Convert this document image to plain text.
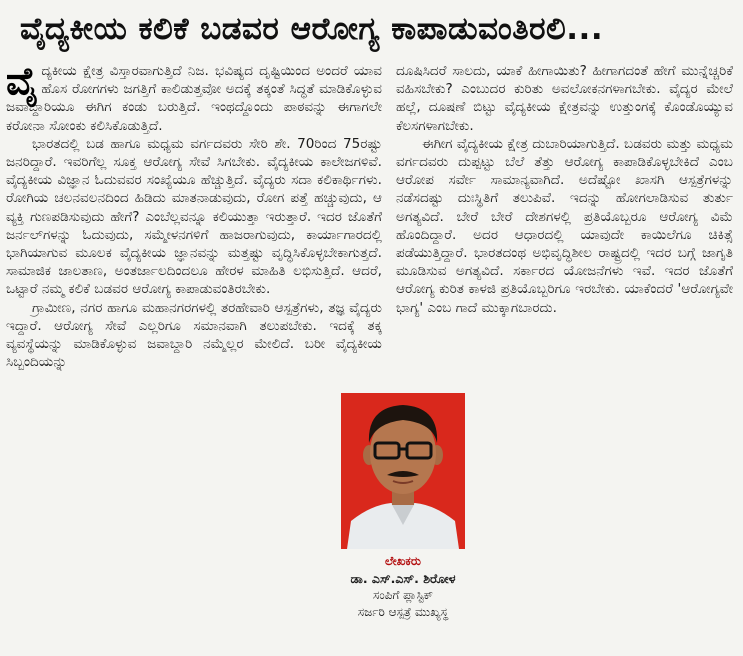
ವೈದ್ಯಕೀಯ ಕಲಿಕೆ ಬಡವರ ಆರೋಗ್ಯ ಕಾಪಾಡುವಂತಿರಲಿ...

ವೈದ್ಯಕೀಯ ಕ್ಷೇತ್ರ ವಿಸ್ತಾರವಾಗುತ್ತಿದೆ ನಿಜ. ಭವಿಷ್ಯದ ದೃಷ್ಟಿಯಿಂದ ಅಂದರೆ ಯಾವ ಹೊಸ ರೋಗಗಳು ಜಗತ್ತಿಗೆ ಕಾಲಿಡುತ್ತವೋ ಅದಕ್ಕೆ ತಕ್ಕಂತೆ ಸಿದ್ಧತೆ ಮಾಡಿಕೊಳ್ಳುವ ಜವಾಬ್ದಾರಿಯೂ ಈಗಿಗ ಕಂಡು ಬರುತ್ತಿದೆ. ಇಂಥದ್ದೊಂದು ಪಾಠವನ್ನು ಈಗಾಗಲೇ ಕರೋನಾ ಸೋಂಕು ಕಲಿಸಿಕೊಡುತ್ತಿದೆ.

ಭಾರತದಲ್ಲಿ ಬಡ ಹಾಗೂ ಮಧ್ಯಮ ವರ್ಗದವರು ಸೇರಿ ಶೇ. 70ರಿಂದ 75ರಷ್ಟು ಜನರಿದ್ದಾರೆ. ಇವರಿಗೆಲ್ಲ ಸೂಕ್ತ ಆರೋಗ್ಯ ಸೇವೆ ಸಿಗಬೇಕು. ವೈದ್ಯಕೀಯ ಕಾಲೇಜಗಳಿವೆ. ವೈದ್ಯಕೀಯ ವಿಜ್ಞಾನ ಓದುವವರ ಸಂಖ್ಯೆಯೂ ಹೆಚ್ಚುತ್ತಿದೆ. ವೈದ್ಯರು ಸದಾ ಕಲಿಕಾರ್ಥಿಗಳು. ರೋಗಿಯ ಚಲನವಲನದಿಂದ ಹಿಡಿದು ಮಾತನಾಡುವುದು, ರೋಗ ಪತ್ತೆ ಹಚ್ಚುವುದು, ಆ ವ್ಯಕ್ತಿ ಗುಣಪಡಿಸುವುದು ಹೇಗೆ? ಎಂಬೆಲ್ಲವನ್ನೂ ಕಲಿಯುತ್ತಾ ಇರುತ್ತಾರೆ. ಇದರ ಜೊತೆಗೆ ಜರ್ನಲ್‌ಗಳನ್ನು ಓದುವುದು, ಸಮ್ಮೇಳನಗಳಿಗೆ ಹಾಜರಾಗುವುದು, ಕಾರ್ಯಾಗಾರದಲ್ಲಿ ಭಾಗಿಯಾಗುವ ಮೂಲಕ ವೈದ್ಯಕೀಯ ಜ್ಞಾನವನ್ನು ಮತ್ತಷ್ಟು ವೃದ್ಧಿಸಿಕೊಳ್ಳಬೇಕಾಗುತ್ತದೆ. ಸಾಮಾಜಿಕ ಜಾಲತಾಣ, ಅಂತರ್ಜಾಲದಿಂದಲೂ ಹೇರಳ ಮಾಹಿತಿ ಲಭಿಸುತ್ತಿದೆ. ಆದರೆ, ಒಟ್ಟಾರೆ ನಮ್ಮ ಕಲಿಕೆ ಬಡವರ ಆರೋಗ್ಯ ಕಾಪಾಡುವಂತಿರಬೇಕು.

ಗ್ರಾಮೀಣ, ನಗರ ಹಾಗೂ ಮಹಾನಗರಗಳಲ್ಲಿ ತರಹೇವಾರಿ ಆಸ್ಪತ್ರೆಗಳು, ತಜ್ಞ ವೈದ್ಯರು ಇದ್ದಾರೆ. ಆರೋಗ್ಯ ಸೇವೆ ಎಲ್ಲರಿಗೂ ಸಮಾನವಾಗಿ ತಲುಪಬೇಕು. ಇದಕ್ಕೆ ತಕ್ಕ ವ್ಯವಸ್ಥೆಯನ್ನು ಮಾಡಿಕೊಳ್ಳುವ ಜವಾಬ್ದಾರಿ ನಮ್ಮೆಲ್ಲರ ಮೇಲಿದೆ. ಬರೀ ವೈದ್ಯಕೀಯ ಸಿಬ್ಬಂದಿಯನ್ನು

ದೂಷಿಸಿದರೆ ಸಾಲದು, ಯಾಕೆ ಹೀಗಾಯಿತು? ಹೀಗಾಗದಂತೆ ಹೇಗೆ ಮುನ್ನೆಚ್ಚರಿಕೆ ವಹಿಸಬೇಕು? ಎಂಬುದರ ಕುರಿತು ಅವಲೋಕನಗಳಾಗಬೇಕು. ವೈದ್ಯರ ಮೇಲೆ ಹಲ್ಲೆ, ದೂಷಣೆ ಬಿಟ್ಟು ವೈದ್ಯಕೀಯ ಕ್ಷೇತ್ರವನ್ನು ಉತ್ತುಂಗಕ್ಕೆ ಕೊಂಡೊಯ್ಯುವ ಕೆಲಸಗಳಾಗಬೇಕು.

ಈಗೀಗ ವೈದ್ಯಕೀಯ ಕ್ಷೇತ್ರ ದುಬಾರಿಯಾಗುತ್ತಿದೆ. ಬಡವರು ಮತ್ತು ಮಧ್ಯಮ ವರ್ಗದವರು ದುಪ್ಪಟ್ಟು ಬೆಲೆ ತೆತ್ತು ಆರೋಗ್ಯ ಕಾಪಾಡಿಕೊಳ್ಳಬೇಕಿದೆ ಎಂಬ ಆರೋಪ ಸರ್ವೇ ಸಾಮಾನ್ಯವಾಗಿದೆ. ಅದೆಷ್ಟೋ ಖಾಸಗಿ ಆಸ್ಪತ್ರೆಗಳನ್ನು ನಡೆಸದಷ್ಟು ದುಃಸ್ಥಿತಿಗೆ ತಲುಪಿವೆ. ಇದನ್ನು ಹೋಗಲಾಡಿಸುವ ತುರ್ತು ಅಗತ್ಯವಿದೆ. ಬೇರೆ ಬೇರೆ ದೇಶಗಳಲ್ಲಿ ಪ್ರತಿಯೊಬ್ಬರೂ ಆರೋಗ್ಯ ವಿಮೆ ಹೊಂದಿದ್ದಾರೆ. ಅದರ ಆಧಾರದಲ್ಲಿ ಯಾವುದೇ ಕಾಯಿಲೆಗೂ ಚಿಕಿತ್ಸೆ ಪಡೆಯುತ್ತಿದ್ದಾರೆ. ಭಾರತದಂಥ ಅಭಿವೃದ್ಧಿಶೀಲ ರಾಷ್ಟ್ರದಲ್ಲಿ ಇದರ ಬಗ್ಗೆ ಜಾಗೃತಿ ಮೂಡಿಸುವ ಅಗತ್ಯವಿದೆ. ಸರ್ಕಾರದ ಯೋಜನೆಗಳು ಇವೆ. ಇದರ ಜೊತೆಗೆ ಆರೋಗ್ಯ ಕುರಿತ ಕಾಳಜಿ ಪ್ರತಿಯೊಬ್ಬರಿಗೂ ಇರಬೇಕು. ಯಾಕೆಂದರೆ 'ಆರೋಗ್ಯವೇ ಭಾಗ್ಯ' ಎಂಬ ಗಾದೆ ಮುಕ್ಕಾಗಬಾರದು.

ಲೇಖಕರು
ಡಾ. ಎಸ್.ಎಸ್. ಶಿರೋಳ
ಸಂಪಿಗೆ ಪ್ಲಾಸ್ಟಿಕ್
ಸರ್ಜರಿ ಆಸ್ಪತ್ರೆ ಮುಖ್ಯಸ್ಥ
